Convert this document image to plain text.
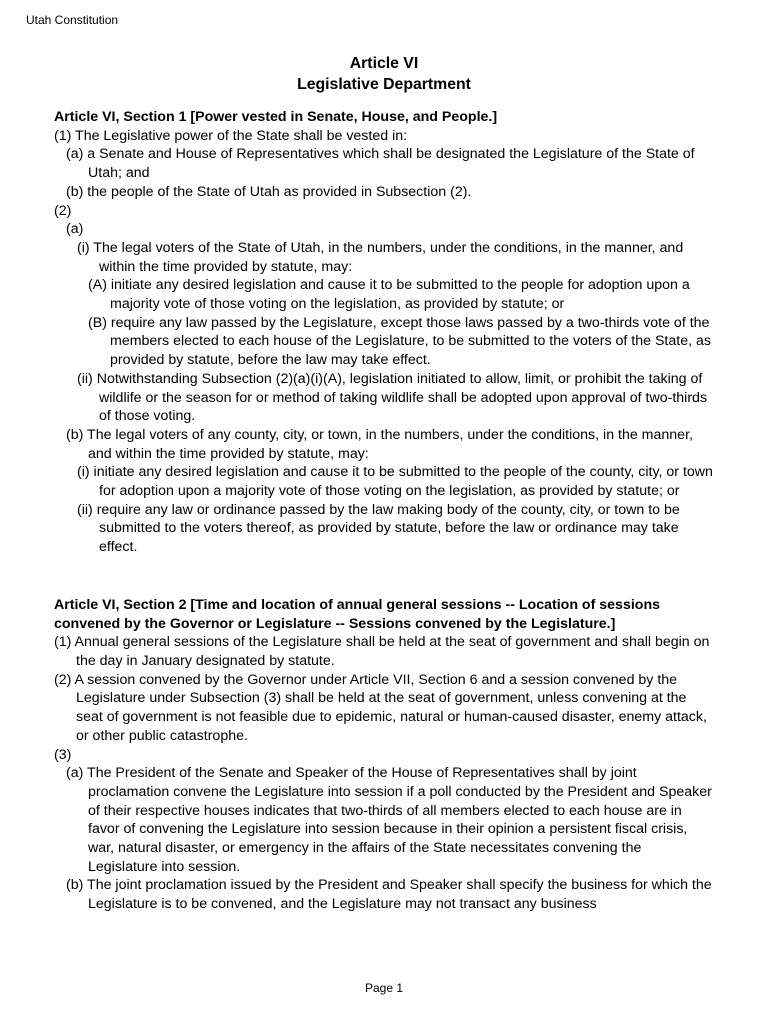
Utah Constitution
Article VI
Legislative Department
Article VI, Section 1 [Power vested in Senate, House, and People.]
(1) The Legislative power of the State shall be vested in:
(a) a Senate and House of Representatives which shall be designated the Legislature of the State of Utah; and
(b) the people of the State of Utah as provided in Subsection (2).
(2)
(a)
(i) The legal voters of the State of Utah, in the numbers, under the conditions, in the manner, and within the time provided by statute, may:
(A) initiate any desired legislation and cause it to be submitted to the people for adoption upon a majority vote of those voting on the legislation, as provided by statute; or
(B) require any law passed by the Legislature, except those laws passed by a two-thirds vote of the members elected to each house of the Legislature, to be submitted to the voters of the State, as provided by statute, before the law may take effect.
(ii) Notwithstanding Subsection (2)(a)(i)(A), legislation initiated to allow, limit, or prohibit the taking of wildlife or the season for or method of taking wildlife shall be adopted upon approval of two-thirds of those voting.
(b) The legal voters of any county, city, or town, in the numbers, under the conditions, in the manner, and within the time provided by statute, may:
(i) initiate any desired legislation and cause it to be submitted to the people of the county, city, or town for adoption upon a majority vote of those voting on the legislation, as provided by statute; or
(ii) require any law or ordinance passed by the law making body of the county, city, or town to be submitted to the voters thereof, as provided by statute, before the law or ordinance may take effect.
Article VI, Section 2 [Time and location of annual general sessions -- Location of sessions convened by the Governor or Legislature -- Sessions convened by the Legislature.]
(1) Annual general sessions of the Legislature shall be held at the seat of government and shall begin on the day in January designated by statute.
(2) A session convened by the Governor under Article VII, Section 6 and a session convened by the Legislature under Subsection (3) shall be held at the seat of government, unless convening at the seat of government is not feasible due to epidemic, natural or human-caused disaster, enemy attack, or other public catastrophe.
(3)
(a) The President of the Senate and Speaker of the House of Representatives shall by joint proclamation convene the Legislature into session if a poll conducted by the President and Speaker of their respective houses indicates that two-thirds of all members elected to each house are in favor of convening the Legislature into session because in their opinion a persistent fiscal crisis, war, natural disaster, or emergency in the affairs of the State necessitates convening the Legislature into session.
(b) The joint proclamation issued by the President and Speaker shall specify the business for which the Legislature is to be convened, and the Legislature may not transact any business
Page 1
